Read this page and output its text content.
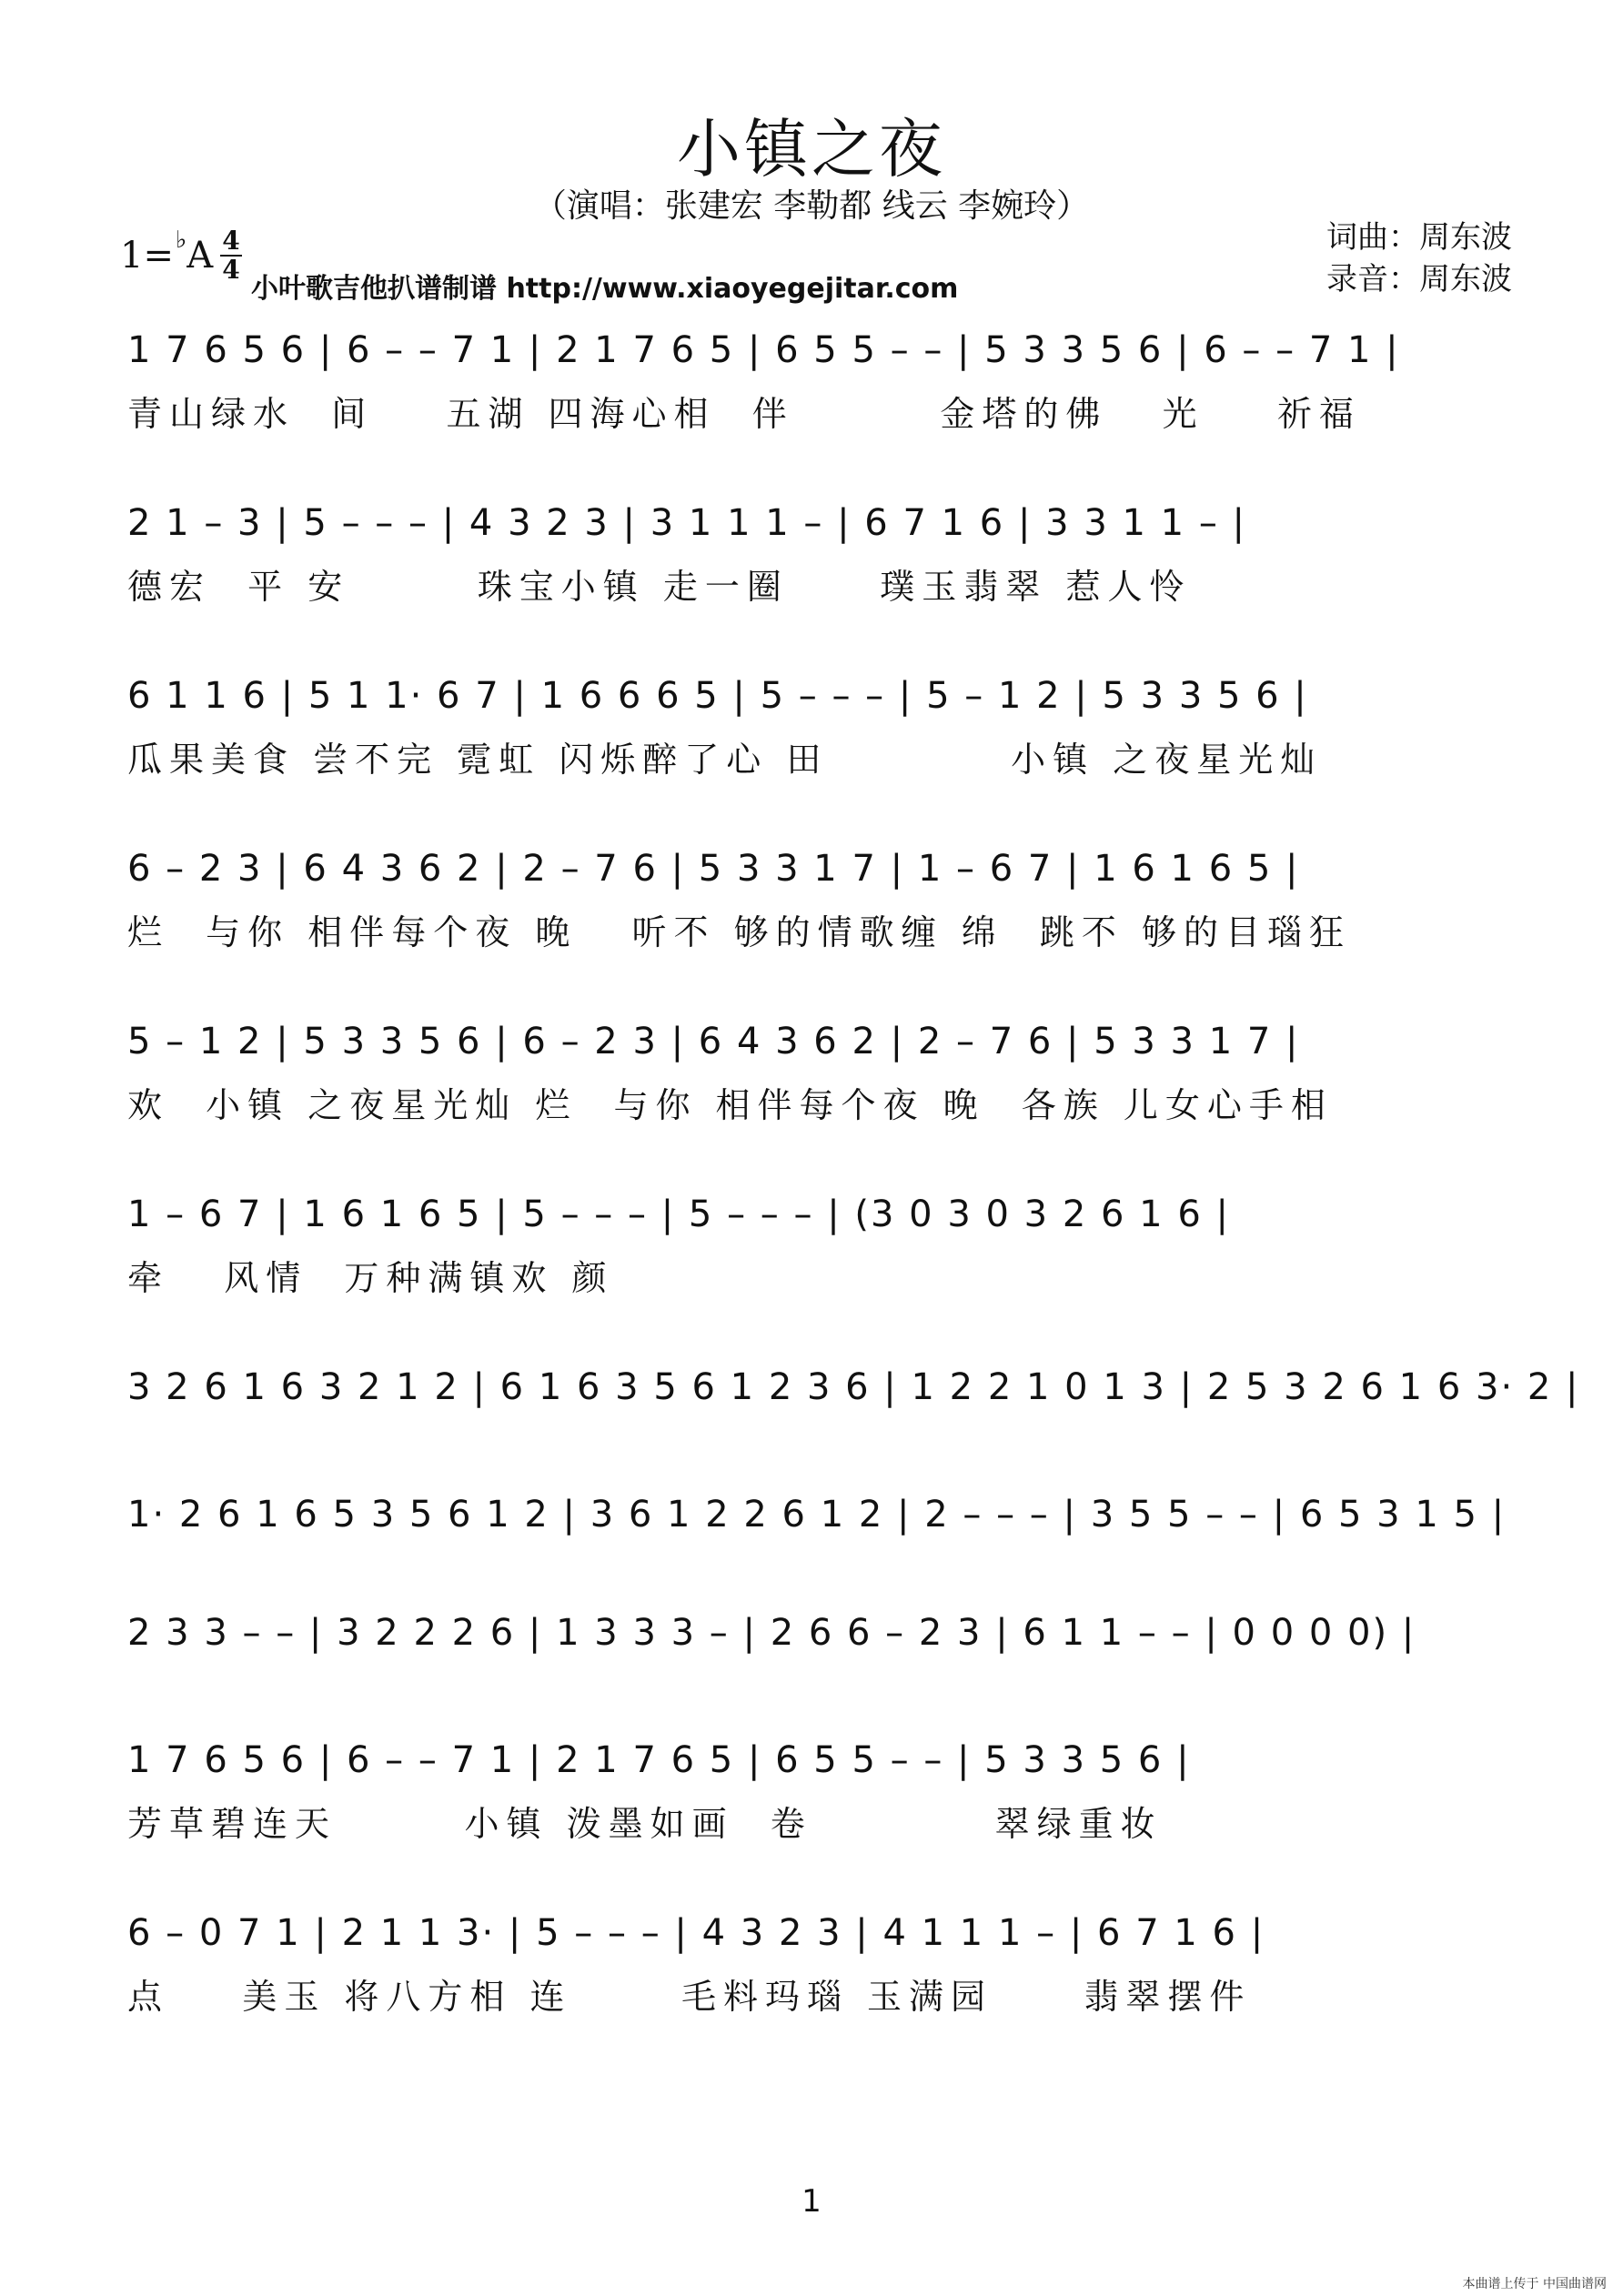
小镇之夜
（演唱：张建宏 李勒都 线云 李婉玲）
词曲：周东波
录音：周东波
1=♭A 4
4
小叶歌吉他扒谱制谱 http://www.xiaoyegejitar.com
1 7 6 5 6 | 6 – – 7 1 | 2 1 7 6 5 | 6 5 5 – – | 5 3 3 5 6 | 6 – – 7 1 |
青山绿水  间    五湖 四海心相  伴        金塔的佛   光    祈福
2 1 – 3 | 5 – – – | 4 3 2 3 | 3 1 1 1 – | 6 7 1 6 | 3 3 1 1 – |
德宏  平 安       珠宝小镇 走一圈     璞玉翡翠 惹人怜
6 1 1 6 | 5 1 1· 6 7 | 1 6 6 6 5 | 5 – – – | 5 – 1 2 | 5 3 3 5 6 |
瓜果美食 尝不完 霓虹 闪烁醉了心 田          小镇 之夜星光灿
6 – 2 3 | 6 4 3 6 2 | 2 – 7 6 | 5 3 3 1 7 | 1 – 6 7 | 1 6 1 6 5 |
烂  与你 相伴每个夜 晚   听不 够的情歌缠 绵  跳不 够的目瑙狂
5 – 1 2 | 5 3 3 5 6 | 6 – 2 3 | 6 4 3 6 2 | 2 – 7 6 | 5 3 3 1 7 |
欢  小镇 之夜星光灿 烂  与你 相伴每个夜 晚  各族 儿女心手相
1 – 6 7 | 1 6 1 6 5 | 5 – – – | 5 – – – | (3 0 3 0 3 2 6 1 6 |
牵   风情  万种满镇欢 颜
3 2 6 1 6 3 2 1 2 | 6 1 6 3 5 6 1 2 3 6 | 1 2 2 1 0 1 3 | 2 5 3 2 6 1 6 3· 2 |
1· 2 6 1 6 5 3 5 6 1 2 | 3 6 1 2 2 6 1 2 | 2 – – – | 3 5 5 – – | 6 5 3 1 5 |
2 3 3 – – | 3 2 2 2 6 | 1 3 3 3 – | 2 6 6 – 2 3 | 6 1 1 – – | 0 0 0 0) |
1 7 6 5 6 | 6 – – 7 1 | 2 1 7 6 5 | 6 5 5 – – | 5 3 3 5 6 |
芳草碧连天       小镇 泼墨如画  卷          翠绿重妆
6 – 0 7 1 | 2 1 1 3· | 5 – – – | 4 3 2 3 | 4 1 1 1 – | 6 7 1 6 |
点    美玉 将八方相 连      毛料玛瑙 玉满园     翡翠摆件
1
本曲谱上传于 中国曲谱网
